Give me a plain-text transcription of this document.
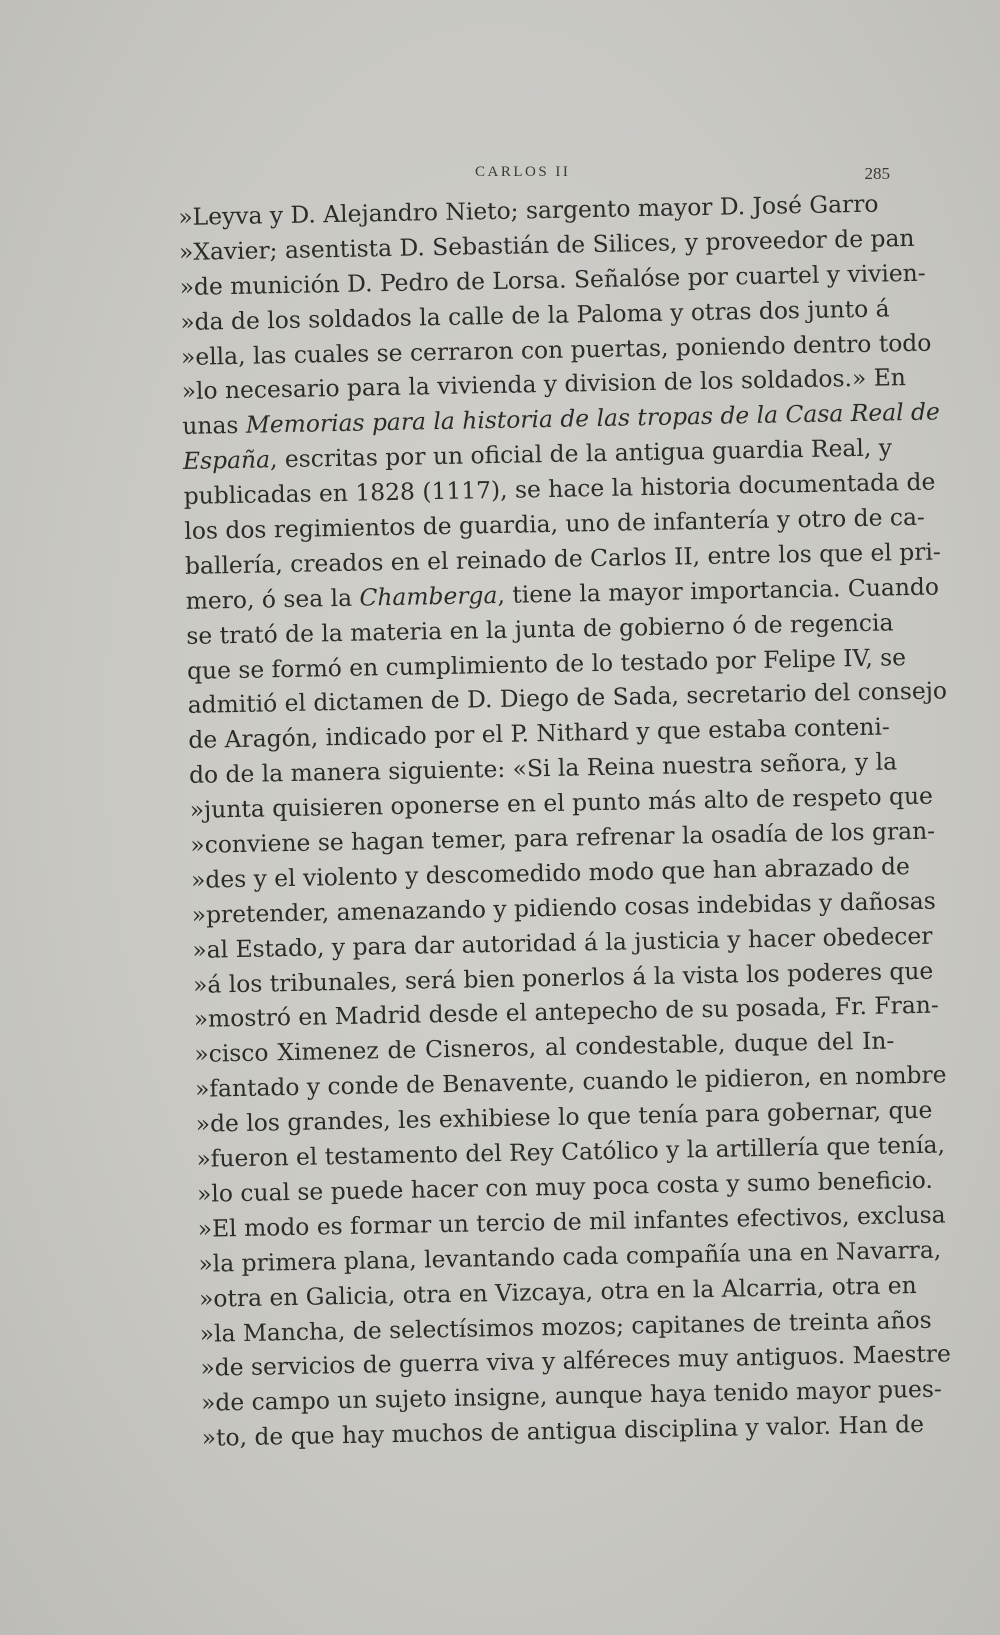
CARLOS II	285
»Leyva y D. Alejandro Nieto; sargento mayor D. José Garro
»Xavier; asentista D. Sebastián de Silices, y proveedor de pan
»de munición D. Pedro de Lorsa. Señalóse por cuartel y vivien-
»da de los soldados la calle de la Paloma y otras dos junto á
»ella, las cuales se cerraron con puertas, poniendo dentro todo
»lo necesario para la vivienda y division de los soldados.» En
unas Memorias para la historia de las tropas de la Casa Real de
España, escritas por un oficial de la antigua guardia Real, y
publicadas en 1828 (1117), se hace la historia documentada de
los dos regimientos de guardia, uno de infantería y otro de ca-
ballería, creados en el reinado de Carlos II, entre los que el pri-
mero, ó sea la Chamberga, tiene la mayor importancia. Cuando
se trató de la materia en la junta de gobierno ó de regencia
que se formó en cumplimiento de lo testado por Felipe IV, se
admitió el dictamen de D. Diego de Sada, secretario del consejo
de Aragón, indicado por el P. Nithard y que estaba conteni-
do de la manera siguiente: «Si la Reina nuestra señora, y la
»junta quisieren oponerse en el punto más alto de respeto que
»conviene se hagan temer, para refrenar la osadía de los gran-
»des y el violento y descomedido modo que han abrazado de
»pretender, amenazando y pidiendo cosas indebidas y dañosas
»al Estado, y para dar autoridad á la justicia y hacer obedecer
»á los tribunales, será bien ponerlos á la vista los poderes que
»mostró en Madrid desde el antepecho de su posada, Fr. Fran-
»cisco Ximenez de Cisneros, al condestable, duque del In-
»fantado y conde de Benavente, cuando le pidieron, en nombre
»de los grandes, les exhibiese lo que tenía para gobernar, que
»fueron el testamento del Rey Católico y la artillería que tenía,
»lo cual se puede hacer con muy poca costa y sumo beneficio.
»El modo es formar un tercio de mil infantes efectivos, exclusa
»la primera plana, levantando cada compañía una en Navarra,
»otra en Galicia, otra en Vizcaya, otra en la Alcarria, otra en
»la Mancha, de selectísimos mozos; capitanes de treinta años
»de servicios de guerra viva y alféreces muy antiguos. Maestre
»de campo un sujeto insigne, aunque haya tenido mayor pues-
»to, de que hay muchos de antigua disciplina y valor. Han de
